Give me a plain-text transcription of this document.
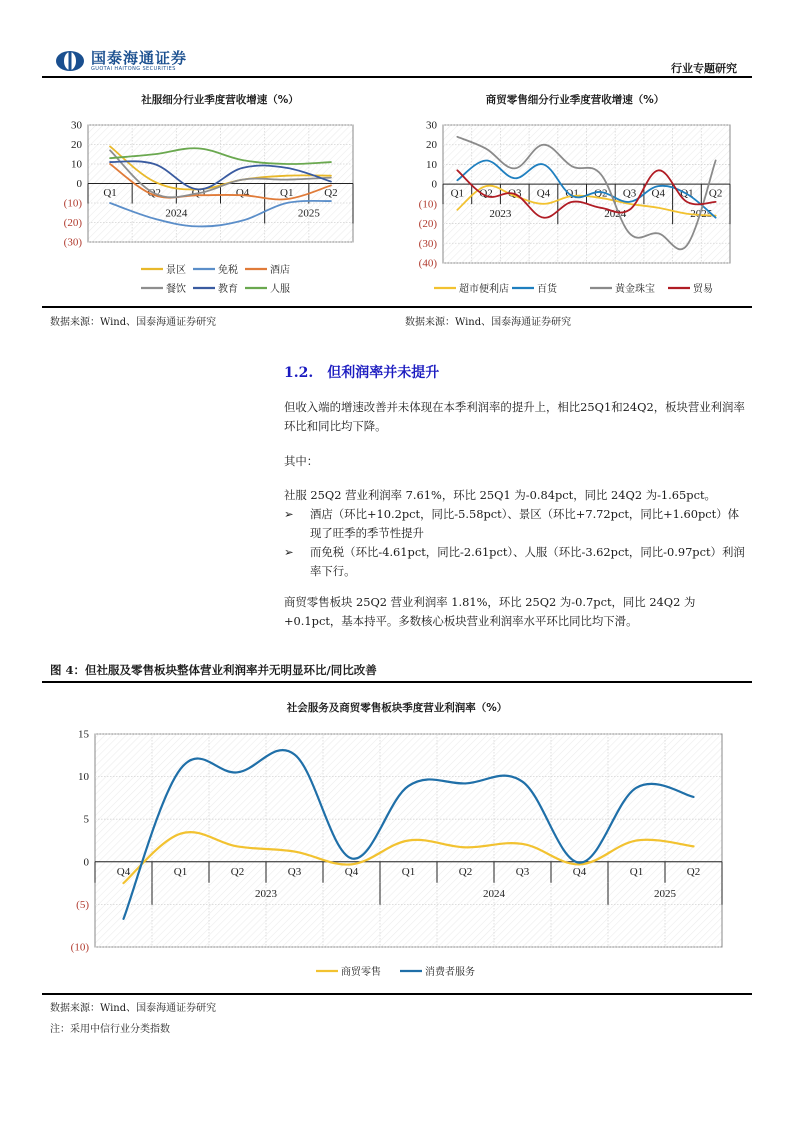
国泰海通证券
GUOTAI HAITONG SECURITIES	行业专题研究
社服细分行业季度营收增速（%）
30
20
10
0
(10)
(20)
(30)
Q1	Q2	Q3	Q4	Q1	Q2
2024	2025
景区	免税	酒店
餐饮	教育	人服
商贸零售细分行业季度营收增速（%）
30
20
10
0
(10)
(20)
(30)
(40)
Q1 Q2 Q3 Q4 Q1 Q2 Q3 Q4 Q1 Q2
2023	2024	2025
超市便利店	百货	黄金珠宝	贸易
数据来源：Wind、国泰海通证券研究	数据来源：Wind、国泰海通证券研究
1.2. 但利润率并未提升
但收入端的增速改善并未体现在本季利润率的提升上，相比25Q1和24Q2，板块营业利润率环比和同比均下降。
其中：
社服 25Q2 营业利润率 7.61%，环比 25Q1 为-0.84pct，同比 24Q2 为-1.65pct。
➢ 酒店（环比+10.2pct，同比-5.58pct）、景区（环比+7.72pct，同比+1.60pct）体现了旺季的季节性提升
➢ 而免税（环比-4.61pct，同比-2.61pct）、人服（环比-3.62pct，同比-0.97pct）利润率下行。
商贸零售板块 25Q2 营业利润率 1.81%，环比 25Q2 为-0.7pct，同比 24Q2 为+0.1pct，基本持平。多数核心板块营业利润率水平环比同比均下滑。
图 4：但社服及零售板块整体营业利润率并无明显环比/同比改善
社会服务及商贸零售板块季度营业利润率（%）
15
10
5
0
(5)
(10)
Q4	Q1	Q2	Q3	Q4	Q1	Q2	Q3	Q4	Q1	Q2
2023	2024	2025
商贸零售	消费者服务
数据来源：Wind、国泰海通证券研究
注：采用中信行业分类指数
